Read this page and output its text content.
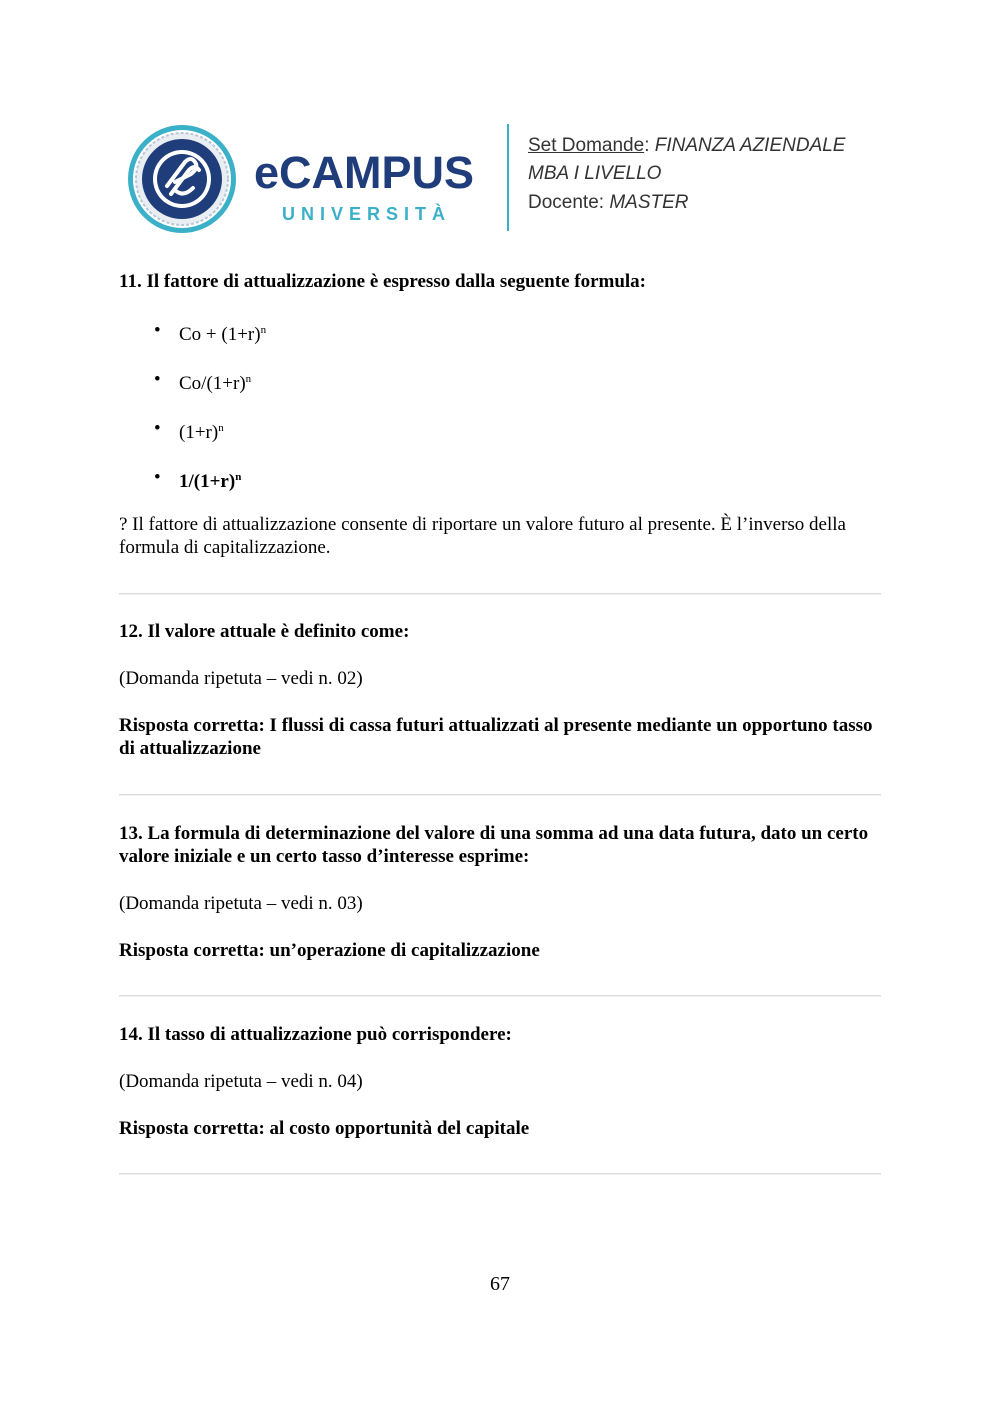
eCAMPUS
UNIVERSITÀ
Set Domande: FINANZA AZIENDALE
MBA I LIVELLO
Docente: MASTER
11. Il fattore di attualizzazione è espresso dalla seguente formula:
• $Co + (1+r)^n$
• $Co/(1+r)^n$
• $(1+r)^n$
• $1/(1+r)^n$
? Il fattore di attualizzazione consente di riportare un valore futuro al presente. È l’inverso della formula di capitalizzazione.
12. Il valore attuale è definito come:
(Domanda ripetuta – vedi n. 02)
Risposta corretta: I flussi di cassa futuri attualizzati al presente mediante un opportuno tasso di attualizzazione
13. La formula di determinazione del valore di una somma ad una data futura, dato un certo valore iniziale e un certo tasso d’interesse esprime:
(Domanda ripetuta – vedi n. 03)
Risposta corretta: un’operazione di capitalizzazione
14. Il tasso di attualizzazione può corrispondere:
(Domanda ripetuta – vedi n. 04)
Risposta corretta: al costo opportunità del capitale
67
